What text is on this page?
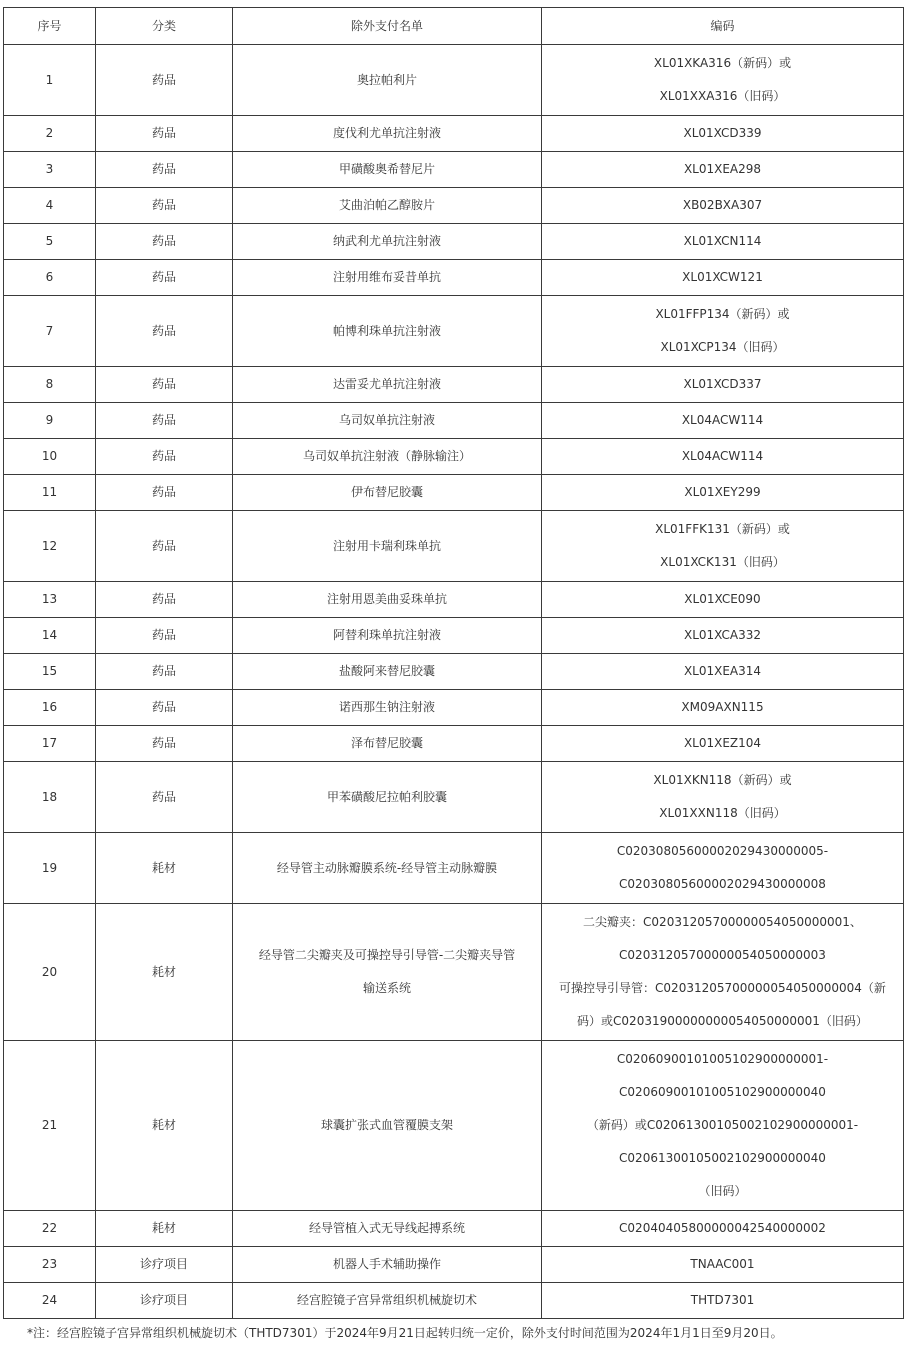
序号	分类	除外支付名单	编码
1	药品	奥拉帕利片	XL01XKA316（新码）或
XL01XXA316（旧码）

2	药品	度伐利尤单抗注射液	XL01XCD339

3	药品	甲磺酸奥希替尼片	XL01XEA298

4	药品	艾曲泊帕乙醇胺片	XB02BXA307

5	药品	纳武利尤单抗注射液	XL01XCN114

6	药品	注射用维布妥昔单抗	XL01XCW121

7	药品	帕博利珠单抗注射液	XL01FFP134（新码）或
XL01XCP134（旧码）

8	药品	达雷妥尤单抗注射液	XL01XCD337

9	药品	乌司奴单抗注射液	XL04ACW114

10	药品	乌司奴单抗注射液（静脉输注）	XL04ACW114

11	药品	伊布替尼胶囊	XL01XEY299

12	药品	注射用卡瑞利珠单抗	XL01FFK131（新码）或
XL01XCK131（旧码）

13	药品	注射用恩美曲妥珠单抗	XL01XCE090

14	药品	阿替利珠单抗注射液	XL01XCA332

15	药品	盐酸阿来替尼胶囊	XL01XEA314

16	药品	诺西那生钠注射液	XM09AXN115

17	药品	泽布替尼胶囊	XL01XEZ104

18	药品	甲苯磺酸尼拉帕利胶囊	XL01XKN118（新码）或
XL01XXN118（旧码）

19	耗材	经导管主动脉瓣膜系统-经导管主动脉瓣膜	C02030805600002029430000005-
C02030805600002029430000008

20	耗材	经导管二尖瓣夹及可操控导引导管-二尖瓣夹导管
输送系统	二尖瓣夹：C02031205700000054050000001、
C02031205700000054050000003
可操控导引导管：C02031205700000054050000004（新
码）或C02031900000000054050000001（旧码）

21	耗材	球囊扩张式血管覆膜支架	C02060900101005102900000001-
C02060900101005102900000040
（新码）或C02061300105002102900000001-
C02061300105002102900000040
（旧码）

22	耗材	经导管植入式无导线起搏系统	C02040405800000042540000002

23	诊疗项目	机器人手术辅助操作	TNAAC001

24	诊疗项目	经宫腔镜子宫异常组织机械旋切术	THTD7301
*注：经宫腔镜子宫异常组织机械旋切术（THTD7301）于2024年9月21日起转归统一定价，除外支付时间范围为2024年1月1日至9月20日。
